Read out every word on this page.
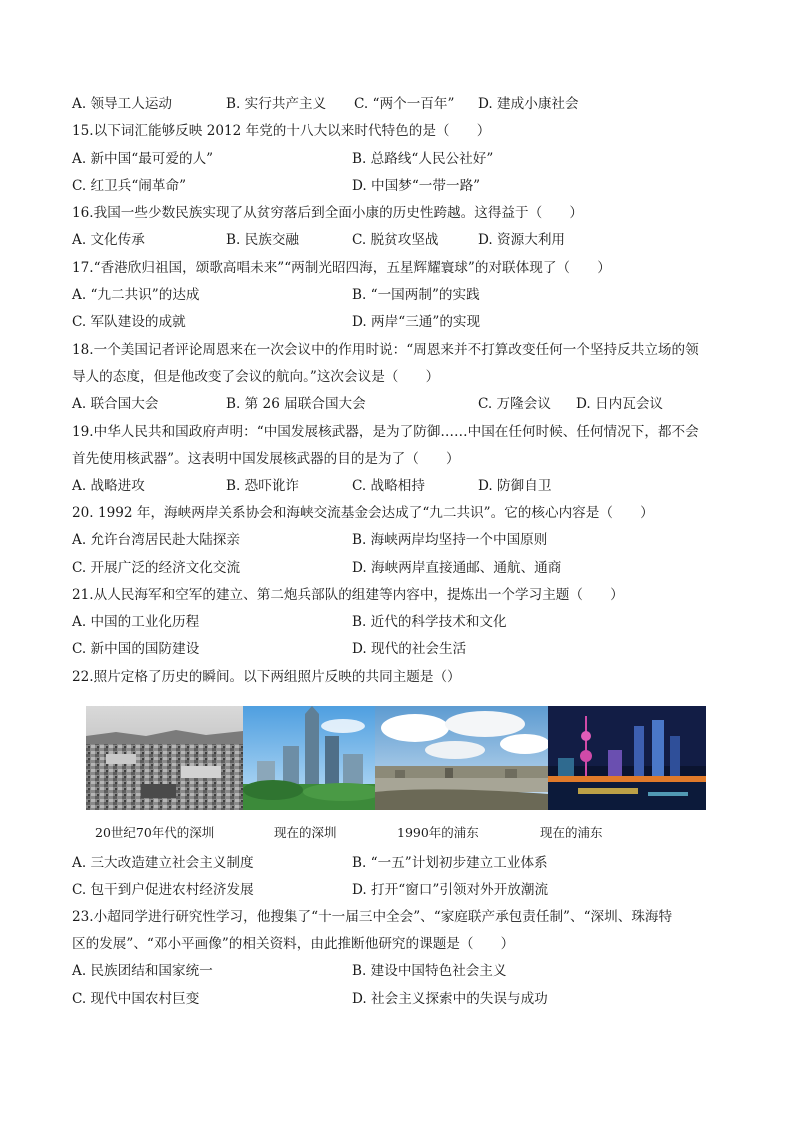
A. 领导工人运动	B. 实行共产主义 C. “两个一百年” D. 建成小康社会
15.以下词汇能够反映 2012 年党的十八大以来时代特色的是（　　）
A. 新中国“最可爱的人”	B. 总路线“人民公社好”
C. 红卫兵“闹革命”	D. 中国梦“一带一路”
16.我国一些少数民族实现了从贫穷落后到全面小康的历史性跨越。这得益于（　　）
A. 文化传承	B. 民族交融	C. 脱贫攻坚战	D. 资源大利用
17.“香港欣归祖国，颂歌高唱未来”“两制光昭四海，五星辉耀寰球”的对联体现了（　　）
A. “九二共识”的达成	B. “一国两制”的实践
C. 军队建设的成就	D. 两岸“三通”的实现
18.一个美国记者评论周恩来在一次会议中的作用时说：“周恩来并不打算改变任何一个坚持反共立场的领
导人的态度，但是他改变了会议的航向。”这次会议是（　　）
A. 联合国大会	B. 第 26 届联合国大会	C. 万隆会议 D. 日内瓦会议
19.中华人民共和国政府声明：“中国发展核武器，是为了防御……中国在任何时候、任何情况下，都不会
首先使用核武器”。这表明中国发展核武器的目的是为了（　　）
A. 战略进攻	B. 恐吓讹诈	C. 战略相持	D. 防御自卫
20. 1992 年，海峡两岸关系协会和海峡交流基金会达成了“九二共识”。它的核心内容是（　　）
A. 允许台湾居民赴大陆探亲	B. 海峡两岸均坚持一个中国原则
C. 开展广泛的经济文化交流	D. 海峡两岸直接通邮、通航、通商
21.从人民海军和空军的建立、第二炮兵部队的组建等内容中，提炼出一个学习主题（　　）
A. 中国的工业化历程	B. 近代的科学技术和文化
C. 新中国的国防建设	D. 现代的社会生活
22.照片定格了历史的瞬间。以下两组照片反映的共同主题是（）
20世纪70年代的深圳	现在的深圳	1990年的浦东	现在的浦东
A. 三大改造建立社会主义制度	B. “一五”计划初步建立工业体系
C. 包干到户促进农村经济发展	D. 打开“窗口”引领对外开放潮流
23.小超同学进行研究性学习，他搜集了“十一届三中全会”、“家庭联产承包责任制”、“深圳、珠海特
区的发展”、“邓小平画像”的相关资料，由此推断他研究的课题是（　　）
A. 民族团结和国家统一	B. 建设中国特色社会主义
C. 现代中国农村巨变	D. 社会主义探索中的失误与成功
